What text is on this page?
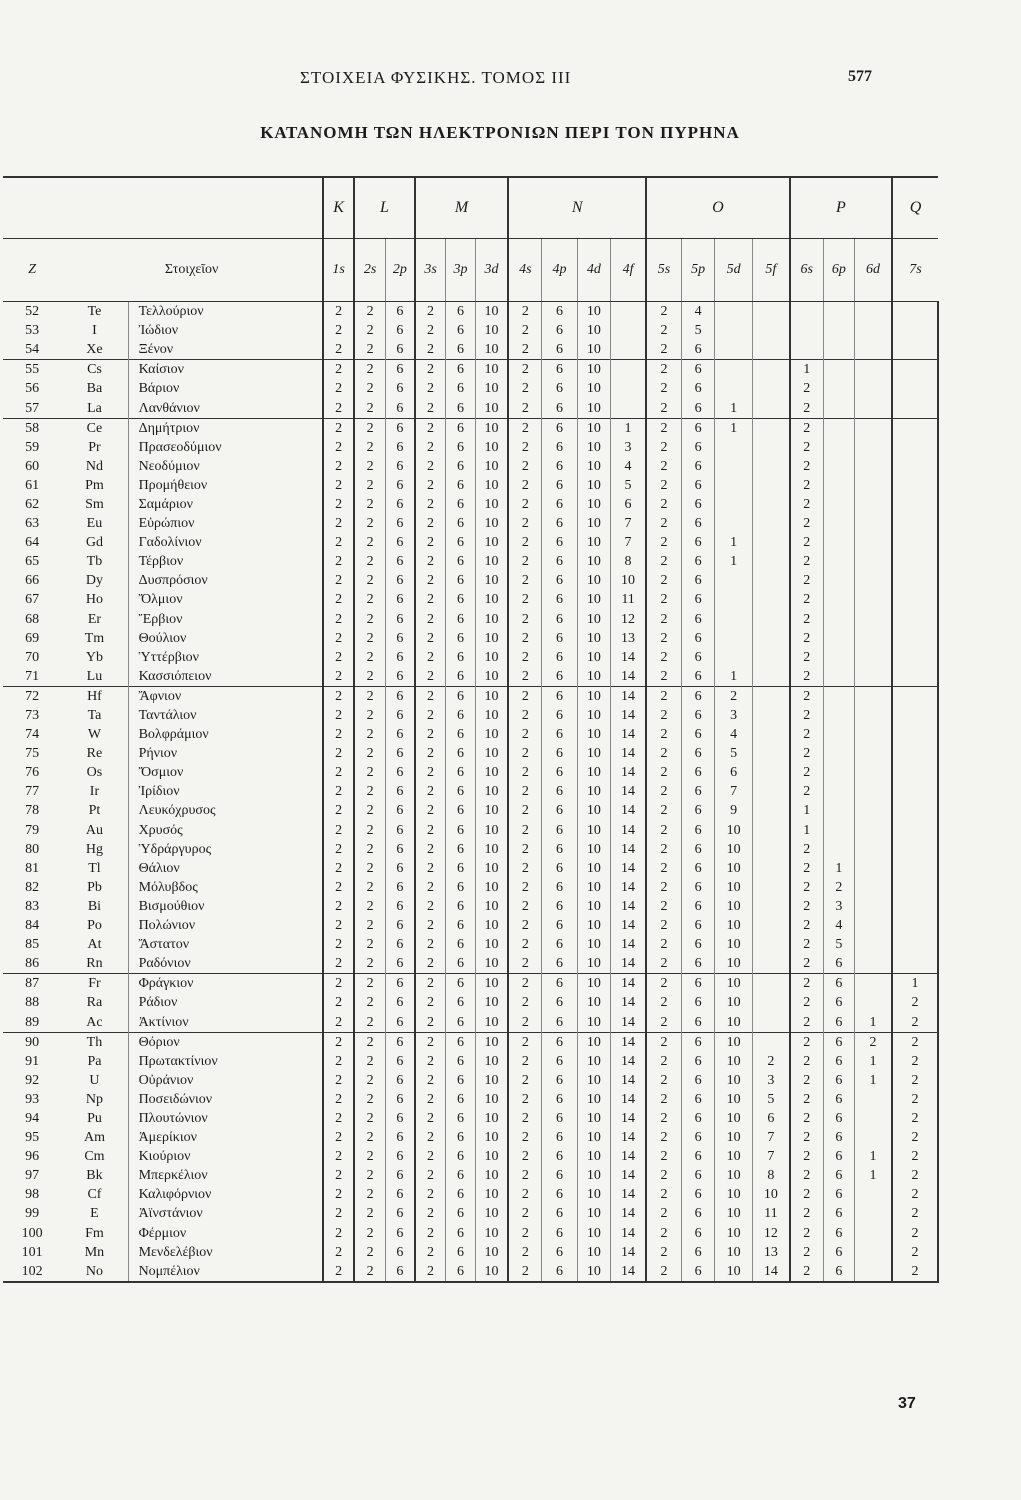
ΣΤΟΙΧΕΙΑ ΦΥΣΙΚΗΣ. ΤΟΜΟΣ ΙΙΙ	577
ΚΑΤΑΝΟΜΗ ΤΩΝ ΗΛΕΚΤΡΟΝΙΩΝ ΠΕΡΙ ΤΟΝ ΠΥΡΗΝΑ
			K	L		M			N				O				P			Q
Z	Στοιχεῖον		1s	2s	2p	3s	3p	3d	4s	4p	4d	4f	5s	5p	5d	5f	6s	6p	6d	7s
52	Te	Τελλούριον	2	2	6	2	6	10	2	6	10		2	4						
53	I	Ἰώδιον	2	2	6	2	6	10	2	6	10		2	5						
54	Xe	Ξένον	2	2	6	2	6	10	2	6	10		2	6						
55	Cs	Καίσιον	2	2	6	2	6	10	2	6	10		2	6			1			
56	Ba	Βάριον	2	2	6	2	6	10	2	6	10		2	6			2			
57	La	Λανθάνιον	2	2	6	2	6	10	2	6	10		2	6	1		2			
58	Ce	Δημήτριον	2	2	6	2	6	10	2	6	10	1	2	6	1		2			
59	Pr	Πρασεοδύμιον	2	2	6	2	6	10	2	6	10	3	2	6			2			
60	Nd	Νεοδύμιον	2	2	6	2	6	10	2	6	10	4	2	6			2			
61	Pm	Προμήθειον	2	2	6	2	6	10	2	6	10	5	2	6			2			
62	Sm	Σαμάριον	2	2	6	2	6	10	2	6	10	6	2	6			2			
63	Eu	Εὐρώπιον	2	2	6	2	6	10	2	6	10	7	2	6			2			
64	Gd	Γαδολίνιον	2	2	6	2	6	10	2	6	10	7	2	6	1		2			
65	Tb	Τέρβιον	2	2	6	2	6	10	2	6	10	8	2	6	1		2			
66	Dy	Δυσπρόσιον	2	2	6	2	6	10	2	6	10	10	2	6			2			
67	Ho	Ὄλμιον	2	2	6	2	6	10	2	6	10	11	2	6			2			
68	Er	Ἔρβιον	2	2	6	2	6	10	2	6	10	12	2	6			2			
69	Tm	Θούλιον	2	2	6	2	6	10	2	6	10	13	2	6			2			
70	Yb	Ὑττέρβιον	2	2	6	2	6	10	2	6	10	14	2	6			2			
71	Lu	Κασσιόπειον	2	2	6	2	6	10	2	6	10	14	2	6	1		2			
72	Hf	Ἄφνιον	2	2	6	2	6	10	2	6	10	14	2	6	2		2			
73	Ta	Ταντάλιον	2	2	6	2	6	10	2	6	10	14	2	6	3		2			
74	W	Βολφράμιον	2	2	6	2	6	10	2	6	10	14	2	6	4		2			
75	Re	Ρήνιον	2	2	6	2	6	10	2	6	10	14	2	6	5		2			
76	Os	Ὄσμιον	2	2	6	2	6	10	2	6	10	14	2	6	6		2			
77	Ir	Ἰρίδιον	2	2	6	2	6	10	2	6	10	14	2	6	7		2			
78	Pt	Λευκόχρυσος	2	2	6	2	6	10	2	6	10	14	2	6	9		1			
79	Au	Χρυσός	2	2	6	2	6	10	2	6	10	14	2	6	10		1			
80	Hg	Ὑδράργυρος	2	2	6	2	6	10	2	6	10	14	2	6	10		2			
81	Tl	Θάλιον	2	2	6	2	6	10	2	6	10	14	2	6	10		2	1		
82	Pb	Μόλυβδος	2	2	6	2	6	10	2	6	10	14	2	6	10		2	2		
83	Bi	Βισμούθιον	2	2	6	2	6	10	2	6	10	14	2	6	10		2	3		
84	Po	Πολώνιον	2	2	6	2	6	10	2	6	10	14	2	6	10		2	4		
85	At	Ἄστατον	2	2	6	2	6	10	2	6	10	14	2	6	10		2	5		
86	Rn	Ραδόνιον	2	2	6	2	6	10	2	6	10	14	2	6	10		2	6		
87	Fr	Φράγκιον	2	2	6	2	6	10	2	6	10	14	2	6	10		2	6		1
88	Ra	Ράδιον	2	2	6	2	6	10	2	6	10	14	2	6	10		2	6		2
89	Ac	Ἀκτίνιον	2	2	6	2	6	10	2	6	10	14	2	6	10		2	6	1	2
90	Th	Θόριον	2	2	6	2	6	10	2	6	10	14	2	6	10		2	6	2	2
91	Pa	Πρωτακτίνιον	2	2	6	2	6	10	2	6	10	14	2	6	10	2	2	6	1	2
92	U	Οὐράνιον	2	2	6	2	6	10	2	6	10	14	2	6	10	3	2	6	1	2
93	Np	Ποσειδώνιον	2	2	6	2	6	10	2	6	10	14	2	6	10	5	2	6		2
94	Pu	Πλουτώνιον	2	2	6	2	6	10	2	6	10	14	2	6	10	6	2	6		2
95	Am	Ἀμερίκιον	2	2	6	2	6	10	2	6	10	14	2	6	10	7	2	6		2
96	Cm	Κιούριον	2	2	6	2	6	10	2	6	10	14	2	6	10	7	2	6	1	2
97	Bk	Μπερκέλιον	2	2	6	2	6	10	2	6	10	14	2	6	10	8	2	6	1	2
98	Cf	Καλιφόρνιον	2	2	6	2	6	10	2	6	10	14	2	6	10	10	2	6		2
99	E	Ἀϊνστάνιον	2	2	6	2	6	10	2	6	10	14	2	6	10	11	2	6		2
100	Fm	Φέρμιον	2	2	6	2	6	10	2	6	10	14	2	6	10	12	2	6		2
101	Mn	Μενδελέβιον	2	2	6	2	6	10	2	6	10	14	2	6	10	13	2	6		2
102	No	Νομπέλιον	2	2	6	2	6	10	2	6	10	14	2	6	10	14	2	6		2
37
